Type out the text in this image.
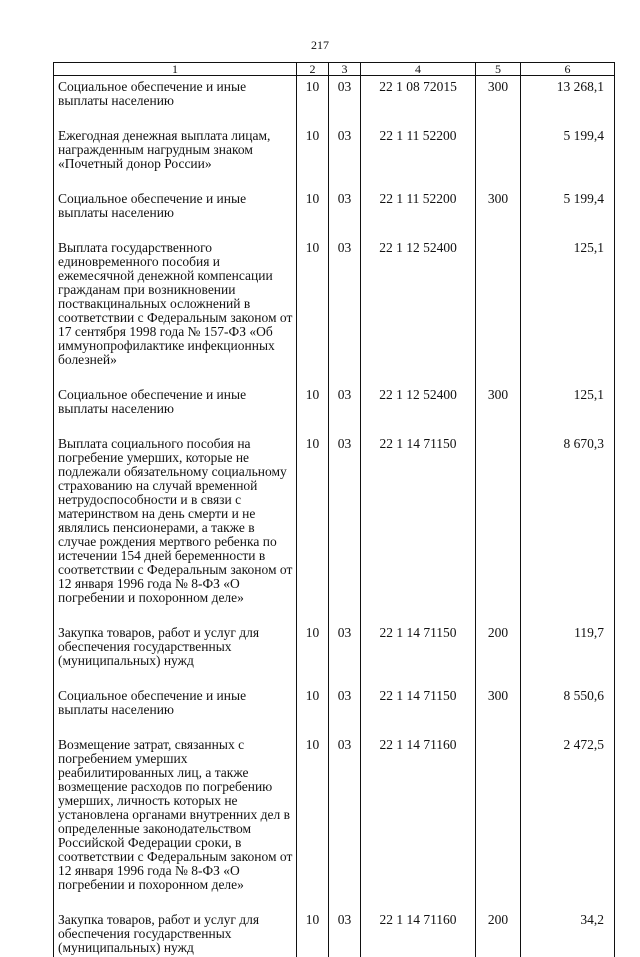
217
1	2	3	4	5	6
Социальное обеспечение и иные выплаты населению	10	03	22 1 08 72015	300	13 268,1
Ежегодная денежная выплата лицам, награжденным нагрудным знаком «Почетный донор России»	10	03	22 1 11 52200		5 199,4
Социальное обеспечение и иные выплаты населению	10	03	22 1 11 52200	300	5 199,4
Выплата государственного единовременного пособия и ежемесячной денежной компенсации гражданам при возникновении поствакцинальных осложнений в соответствии с Федеральным законом от 17 сентября 1998 года № 157-ФЗ «Об иммунопрофилактике инфекционных болезней»	10	03	22 1 12 52400		125,1
Социальное обеспечение и иные выплаты населению	10	03	22 1 12 52400	300	125,1
Выплата социального пособия на погребение умерших, которые не подлежали обязательному социальному страхованию на случай временной нетрудоспособности и в связи с материнством на день смерти и не являлись пенсионерами, а также в случае рождения мертвого ребенка по истечении 154 дней беременности в соответствии с Федеральным законом от 12 января 1996 года № 8-ФЗ «О погребении и похоронном деле»	10	03	22 1 14 71150		8 670,3
Закупка товаров, работ и услуг для обеспечения государственных (муниципальных) нужд	10	03	22 1 14 71150	200	119,7
Социальное обеспечение и иные выплаты населению	10	03	22 1 14 71150	300	8 550,6
Возмещение затрат, связанных с погребением умерших реабилитированных лиц, а также возмещение расходов по погребению умерших, личность которых не установлена органами внутренних дел в определенные законодательством Российской Федерации сроки, в соответствии с Федеральным законом от 12 января 1996 года № 8-ФЗ «О погребении и похоронном деле»	10	03	22 1 14 71160		2 472,5
Закупка товаров, работ и услуг для обеспечения государственных (муниципальных) нужд	10	03	22 1 14 71160	200	34,2
